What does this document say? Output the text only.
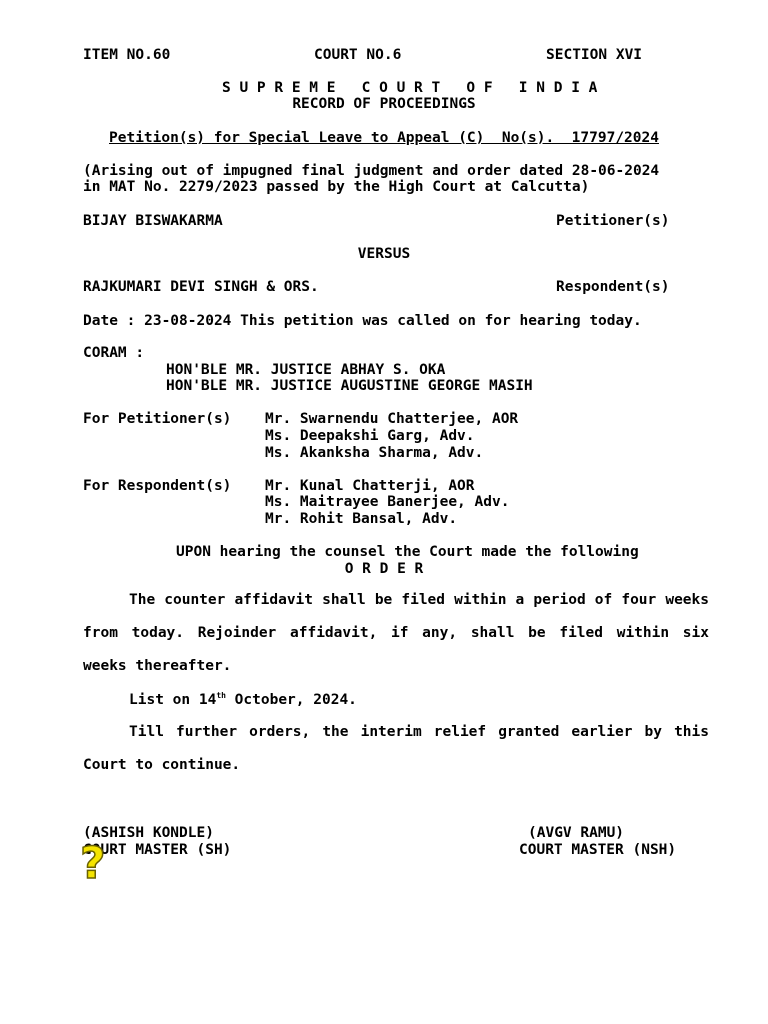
ITEM NO.60	COURT NO.6	SECTION XVI
S U P R E M E   C O U R T   O F   I N D I A
RECORD OF PROCEEDINGS
Petition(s) for Special Leave to Appeal (C)  No(s).  17797/2024
(Arising out of impugned final judgment and order dated 28-06-2024
in MAT No. 2279/2023 passed by the High Court at Calcutta)
BIJAY BISWAKARMA	Petitioner(s)
VERSUS
RAJKUMARI DEVI SINGH & ORS.	Respondent(s)
Date : 23-08-2024 This petition was called on for hearing today.
CORAM :
HON'BLE MR. JUSTICE ABHAY S. OKA
HON'BLE MR. JUSTICE AUGUSTINE GEORGE MASIH
For Petitioner(s) Mr. Swarnendu Chatterjee, AOR
Ms. Deepakshi Garg, Adv.
Ms. Akanksha Sharma, Adv.
For Respondent(s) Mr. Kunal Chatterji, AOR
Ms. Maitrayee Banerjee, Adv.
Mr. Rohit Bansal, Adv.
UPON hearing the counsel the Court made the following
O R D E R
The counter affidavit shall be filed within a period of four weeks from today. Rejoinder affidavit, if any, shall be filed within six weeks thereafter.
List on 14th October, 2024.
Till further orders, the interim relief granted earlier by this Court to continue.
(ASHISH KONDLE)
COURT MASTER (SH)
(AVGV RAMU)
COURT MASTER (NSH)
?
